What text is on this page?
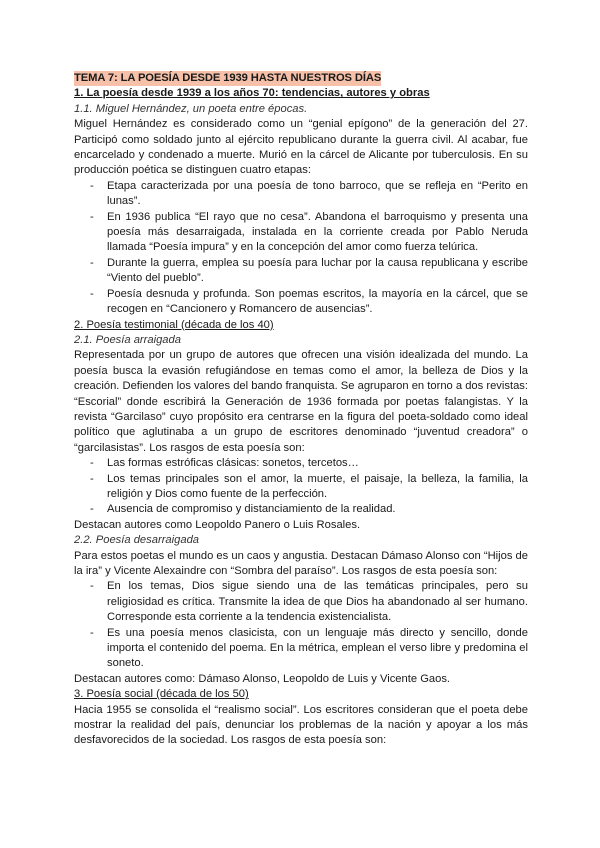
TEMA 7: LA POESÍA DESDE 1939 HASTA NUESTROS DÍAS
1. La poesía desde 1939 a los años 70: tendencias, autores y obras
1.1. Miguel Hernández, un poeta entre épocas.

Miguel Hernández es considerado como un “genial epígono” de la generación del 27. Participó como soldado junto al ejército republicano durante la guerra civil. Al acabar, fue encarcelado y condenado a muerte. Murió en la cárcel de Alicante por tuberculosis. En su producción poética se distinguen cuatro etapas:

- Etapa caracterizada por una poesía de tono barroco, que se refleja en “Perito en lunas”.
- En 1936 publica “El rayo que no cesa”. Abandona el barroquismo y presenta una poesía más desarraigada, instalada en la corriente creada por Pablo Neruda llamada “Poesía impura” y en la concepción del amor como fuerza telúrica.
- Durante la guerra, emplea su poesía para luchar por la causa republicana y escribe “Viento del pueblo”.
- Poesía desnuda y profunda. Son poemas escritos, la mayoría en la cárcel, que se recogen en “Cancionero y Romancero de ausencias”.
2. Poesía testimonial (década de los 40)
2.1. Poesía arraigada

Representada por un grupo de autores que ofrecen una visión idealizada del mundo. La poesía busca la evasión refugiándose en temas como el amor, la belleza de Dios y la creación. Defienden los valores del bando franquista. Se agruparon en torno a dos revistas: “Escorial” donde escribirá la Generación de 1936 formada por poetas falangistas. Y la revista “Garcilaso” cuyo propósito era centrarse en la figura del poeta-soldado como ideal político que aglutinaba a un grupo de escritores denominado “juventud creadora” o “garcilasistas”. Los rasgos de esta poesía son:

- Las formas estróficas clásicas: sonetos, tercetos…
- Los temas principales son el amor, la muerte, el paisaje, la belleza, la familia, la religión y Dios como fuente de la perfección.
- Ausencia de compromiso y distanciamiento de la realidad.

Destacan autores como Leopoldo Panero o Luis Rosales.

2.2. Poesía desarraigada

Para estos poetas el mundo es un caos y angustia. Destacan Dámaso Alonso con “Hijos de la ira” y Vicente Alexaindre con “Sombra del paraíso”. Los rasgos de esta poesía son:

- En los temas, Dios sigue siendo una de las temáticas principales, pero su religiosidad es crítica. Transmite la idea de que Dios ha abandonado al ser humano. Corresponde esta corriente a la tendencia existencialista.
- Es una poesía menos clasicista, con un lenguaje más directo y sencillo, donde importa el contenido del poema. En la métrica, emplean el verso libre y predomina el soneto.

Destacan autores como: Dámaso Alonso, Leopoldo de Luis y Vicente Gaos.

3. Poesía social (década de los 50)

Hacia 1955 se consolida el “realismo social”. Los escritores consideran que el poeta debe mostrar la realidad del país, denunciar los problemas de la nación y apoyar a los más desfavorecidos de la sociedad. Los rasgos de esta poesía son:
